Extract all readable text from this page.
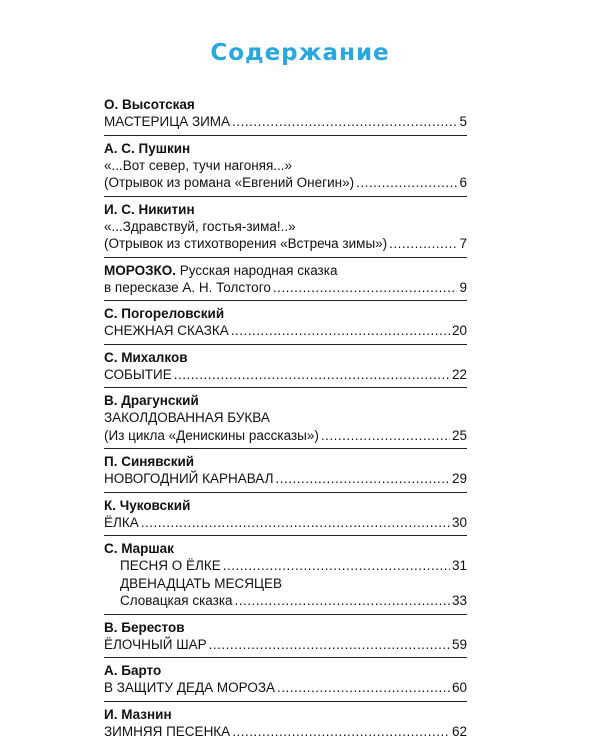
Содержание
О. Высотская
МАСТЕРИЦА ЗИМА .....	5
А. С. Пушкин
«...Вот север, тучи нагоняя...»
(Отрывок из романа «Евгений Онегин») .....	6
И. С. Никитин
«...Здравствуй, гостья-зима!..»
(Отрывок из стихотворения «Встреча зимы») .....	7
МОРОЗКО. Русская народная сказка
в пересказе А. Н. Толстого .....	9
С. Погореловский
СНЕЖНАЯ СКАЗКА .....	20
С. Михалков
СОБЫТИЕ .....	22
В. Драгунский
ЗАКОЛДОВАННАЯ БУКВА
(Из цикла «Денискины рассказы») .....	25
П. Синявский
НОВОГОДНИЙ КАРНАВАЛ .....	29
К. Чуковский
ЁЛКА .....	30
С. Маршак
ПЕСНЯ О ЁЛКЕ .....	31
ДВЕНАДЦАТЬ МЕСЯЦЕВ
Словацкая сказка .....	33
В. Берестов
ЁЛОЧНЫЙ ШАР .....	59
А. Барто
В ЗАЩИТУ ДЕДА МОРОЗА .....	60
И. Мазнин
ЗИМНЯЯ ПЕСЕНКА .....	62
